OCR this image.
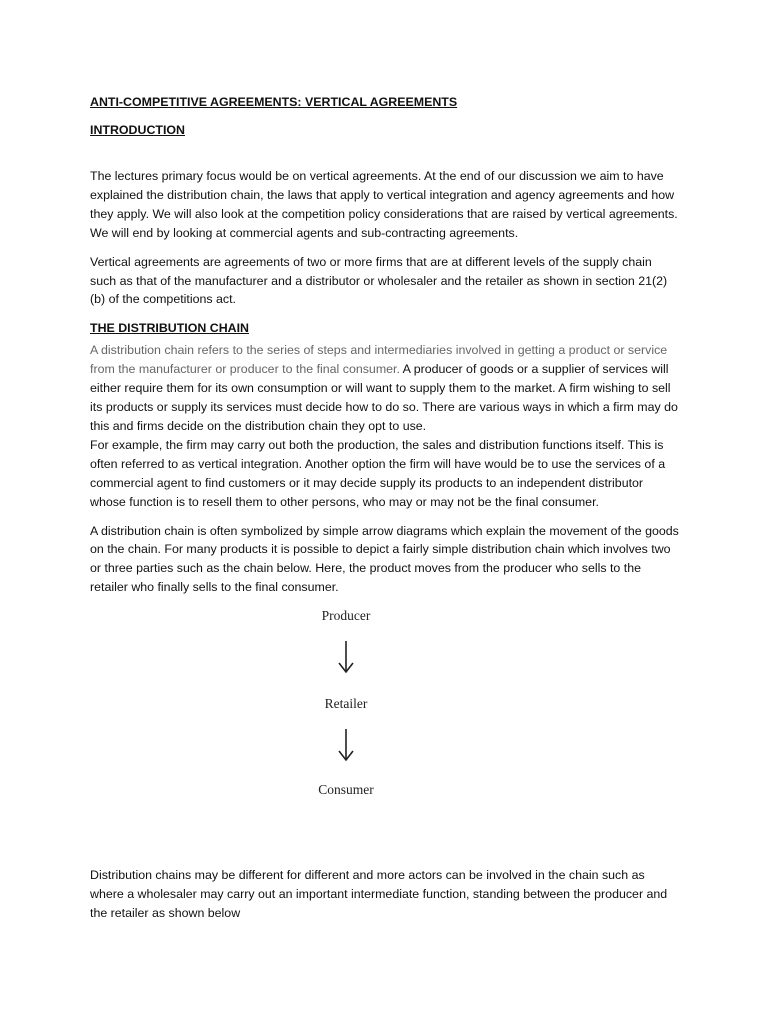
ANTI-COMPETITIVE AGREEMENTS: VERTICAL AGREEMENTS
INTRODUCTION

The lectures primary focus would be on vertical agreements. At the end of our discussion we aim to have explained the distribution chain, the laws that apply to vertical integration and agency agreements and how they apply. We will also look at the competition policy considerations that are raised by vertical agreements. We will end by looking at commercial agents and sub-contracting agreements.

Vertical agreements are agreements of two or more firms that are at different levels of the supply chain such as that of the manufacturer and a distributor or wholesaler and the retailer as shown in section 21(2)(b) of the competitions act.

THE DISTRIBUTION CHAIN

A distribution chain refers to the series of steps and intermediaries involved in getting a product or service from the manufacturer or producer to the final consumer. A producer of goods or a supplier of services will either require them for its own consumption or will want to supply them to the market. A firm wishing to sell its products or supply its services must decide how to do so. There are various ways in which a firm may do this and firms decide on the distribution chain they opt to use.

For example, the firm may carry out both the production, the sales and distribution functions itself. This is often referred to as vertical integration. Another option the firm will have would be to use the services of a commercial agent to find customers or it may decide supply its products to an independent distributor whose function is to resell them to other persons, who may or may not be the final consumer.

A distribution chain is often symbolized by simple arrow diagrams which explain the movement of the goods on the chain. For many products it is possible to depict a fairly simple distribution chain which involves two or three parties such as the chain below. Here, the product moves from the producer who sells to the retailer who finally sells to the final consumer.

Producer
Retailer
Consumer

Distribution chains may be different for different and more actors can be involved in the chain such as where a wholesaler may carry out an important intermediate function, standing between the producer and the retailer as shown below
